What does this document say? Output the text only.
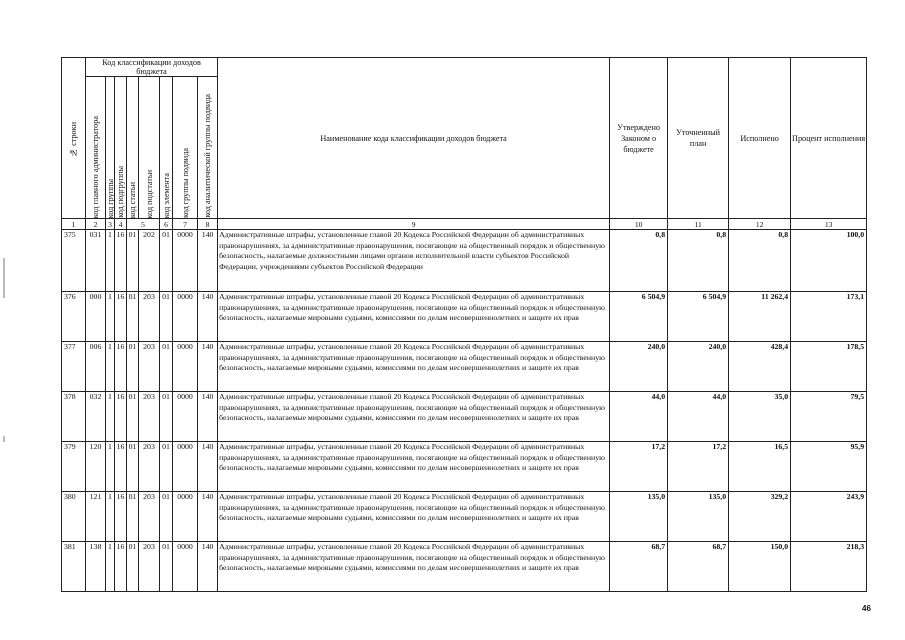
№ строки	Код классификации доходов бюджета								Наименование кода классификации доходов бюджета	Утверждено Законом о бюджете	Уточненный план	Исполнено	Процент исполнения

	код главного администратора	код группы	код подгруппы	код статьи	код подстатьи	код элемента	код группы подвида	код аналитической группы подвида					

1	2	3	4	5		6	7	8	9	10	11	12	13
375	031	1	16	01	202	01	0000	140	Административные штрафы, установленные главой 20 Кодекса Российской Федерации об административных правонарушениях, за административные правонарушения, посягающие на общественный порядок и общественную безопасность, налагаемые должностными лицами органов исполнительной власти субъектов Российской Федерации, учреждениями субъектов Российской Федерации	0,8	0,8	0,8	100,0
376	000	1	16	01	203	01	0000	140	Административные штрафы, установленные главой 20 Кодекса Российской Федерации об административных правонарушениях, за административные правонарушения, посягающие на общественный порядок и общественную безопасность, налагаемые мировыми судьями, комиссиями по делам несовершеннолетних и защите их прав	6 504,9	6 504,9	11 262,4	173,1
377	006	1	16	01	203	01	0000	140	Административные штрафы, установленные главой 20 Кодекса Российской Федерации об административных правонарушениях, за административные правонарушения, посягающие на общественный порядок и общественную безопасность, налагаемые мировыми судьями, комиссиями по делам несовершеннолетних и защите их прав	240,0	240,0	428,4	178,5
378	032	1	16	01	203	01	0000	140	Административные штрафы, установленные главой 20 Кодекса Российской Федерации об административных правонарушениях, за административные правонарушения, посягающие на общественный порядок и общественную безопасность, налагаемые мировыми судьями, комиссиями по делам несовершеннолетних и защите их прав	44,0	44,0	35,0	79,5
379	120	1	16	01	203	01	0000	140	Административные штрафы, установленные главой 20 Кодекса Российской Федерации об административных правонарушениях, за административные правонарушения, посягающие на общественный порядок и общественную безопасность, налагаемые мировыми судьями, комиссиями по делам несовершеннолетних и защите их прав	17,2	17,2	16,5	95,9
380	121	1	16	01	203	01	0000	140	Административные штрафы, установленные главой 20 Кодекса Российской Федерации об административных правонарушениях, за административные правонарушения, посягающие на общественный порядок и общественную безопасность, налагаемые мировыми судьями, комиссиями по делам несовершеннолетних и защите их прав	135,0	135,0	329,2	243,9
381	138	1	16	01	203	01	0000	140	Административные штрафы, установленные главой 20 Кодекса Российской Федерации об административных правонарушениях, за административные правонарушения, посягающие на общественный порядок и общественную безопасность, налагаемые мировыми судьями, комиссиями по делам несовершеннолетних и защите их прав	68,7	68,7	150,0	218,3
46
